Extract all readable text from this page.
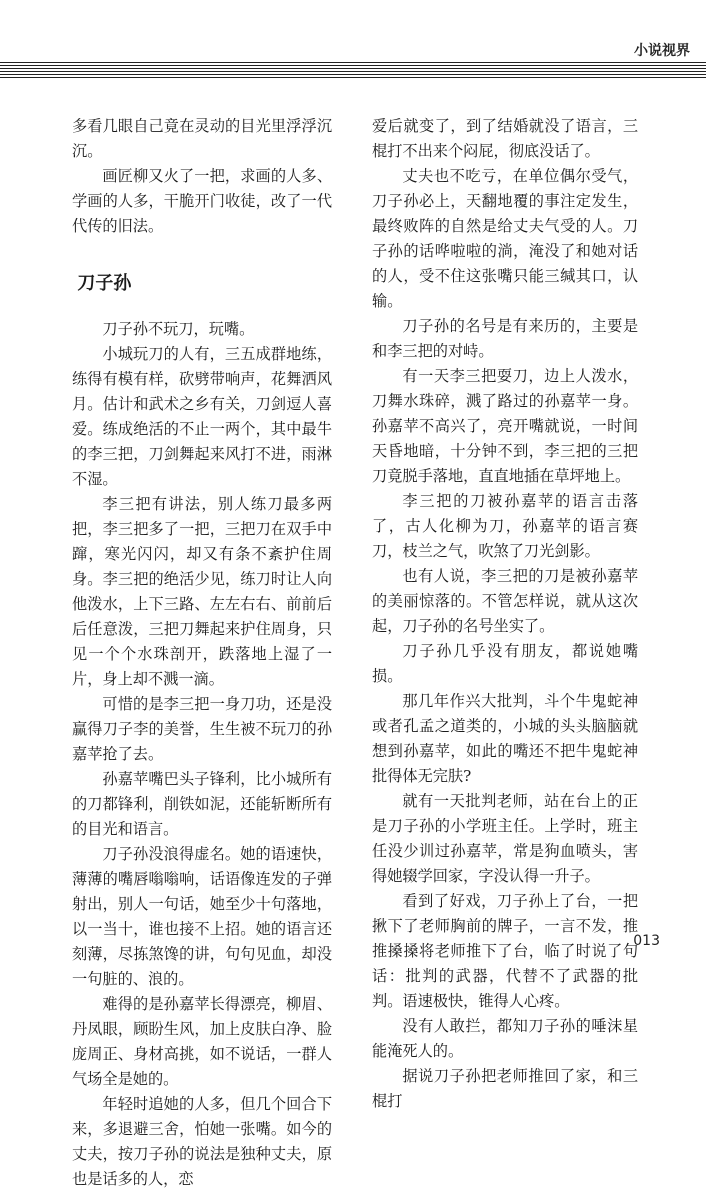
小说视界

多看几眼自己竟在灵动的目光里浮浮沉沉。

画匠柳又火了一把，求画的人多、学画的人多，干脆开门收徒，改了一代代传的旧法。

刀子孙

刀子孙不玩刀，玩嘴。

小城玩刀的人有，三五成群地练，练得有模有样，砍劈带响声，花舞洒风月。估计和武术之乡有关，刀剑逗人喜爱。练成绝活的不止一两个，其中最牛的李三把，刀剑舞起来风打不进，雨淋不湿。

李三把有讲法，别人练刀最多两把，李三把多了一把，三把刀在双手中蹿，寒光闪闪，却又有条不紊护住周身。李三把的绝活少见，练刀时让人向他泼水，上下三路、左左右右、前前后后任意泼，三把刀舞起来护住周身，只见一个个水珠剖开，跌落地上湿了一片，身上却不溅一滴。

可惜的是李三把一身刀功，还是没赢得刀子李的美誉，生生被不玩刀的孙嘉苹抢了去。

孙嘉苹嘴巴头子锋利，比小城所有的刀都锋利，削铁如泥，还能斩断所有的目光和语言。

刀子孙没浪得虚名。她的语速快，薄薄的嘴唇嗡嗡响，话语像连发的子弹射出，别人一句话，她至少十句落地，以一当十，谁也接不上招。她的语言还刻薄，尽拣煞馋的讲，句句见血，却没一句脏的、浪的。

难得的是孙嘉苹长得漂亮，柳眉、丹凤眼，顾盼生风，加上皮肤白净、脸庞周正、身材高挑，如不说话，一群人气场全是她的。

年轻时追她的人多，但几个回合下来，多退避三舍，怕她一张嘴。如今的丈夫，按刀子孙的说法是独种丈夫，原也是话多的人，恋

爱后就变了，到了结婚就没了语言，三棍打不出来个闷屁，彻底没话了。

丈夫也不吃亏，在单位偶尔受气，刀子孙必上，天翻地覆的事注定发生，最终败阵的自然是给丈夫气受的人。刀子孙的话哗啦啦的淌，淹没了和她对话的人，受不住这张嘴只能三缄其口，认输。

刀子孙的名号是有来历的，主要是和李三把的对峙。

有一天李三把耍刀，边上人泼水，刀舞水珠碎，溅了路过的孙嘉苹一身。孙嘉苹不高兴了，亮开嘴就说，一时间天昏地暗，十分钟不到，李三把的三把刀竟脱手落地，直直地插在草坪地上。

李三把的刀被孙嘉苹的语言击落了，古人化柳为刀，孙嘉苹的语言赛刀，枝兰之气，吹煞了刀光剑影。

也有人说，李三把的刀是被孙嘉苹的美丽惊落的。不管怎样说，就从这次起，刀子孙的名号坐实了。

刀子孙几乎没有朋友，都说她嘴损。

那几年作兴大批判，斗个牛鬼蛇神或者孔孟之道类的，小城的头头脑脑就想到孙嘉苹，如此的嘴还不把牛鬼蛇神批得体无完肤?

就有一天批判老师，站在台上的正是刀子孙的小学班主任。上学时，班主任没少训过孙嘉苹，常是狗血喷头，害得她辍学回家，字没认得一升子。

看到了好戏，刀子孙上了台，一把揪下了老师胸前的牌子，一言不发，推推搡搡将老师推下了台，临了时说了句话：批判的武器，代替不了武器的批判。语速极快，锥得人心疼。

没有人敢拦，都知刀子孙的唾沫星能淹死人的。

据说刀子孙把老师推回了家，和三棍打

013
